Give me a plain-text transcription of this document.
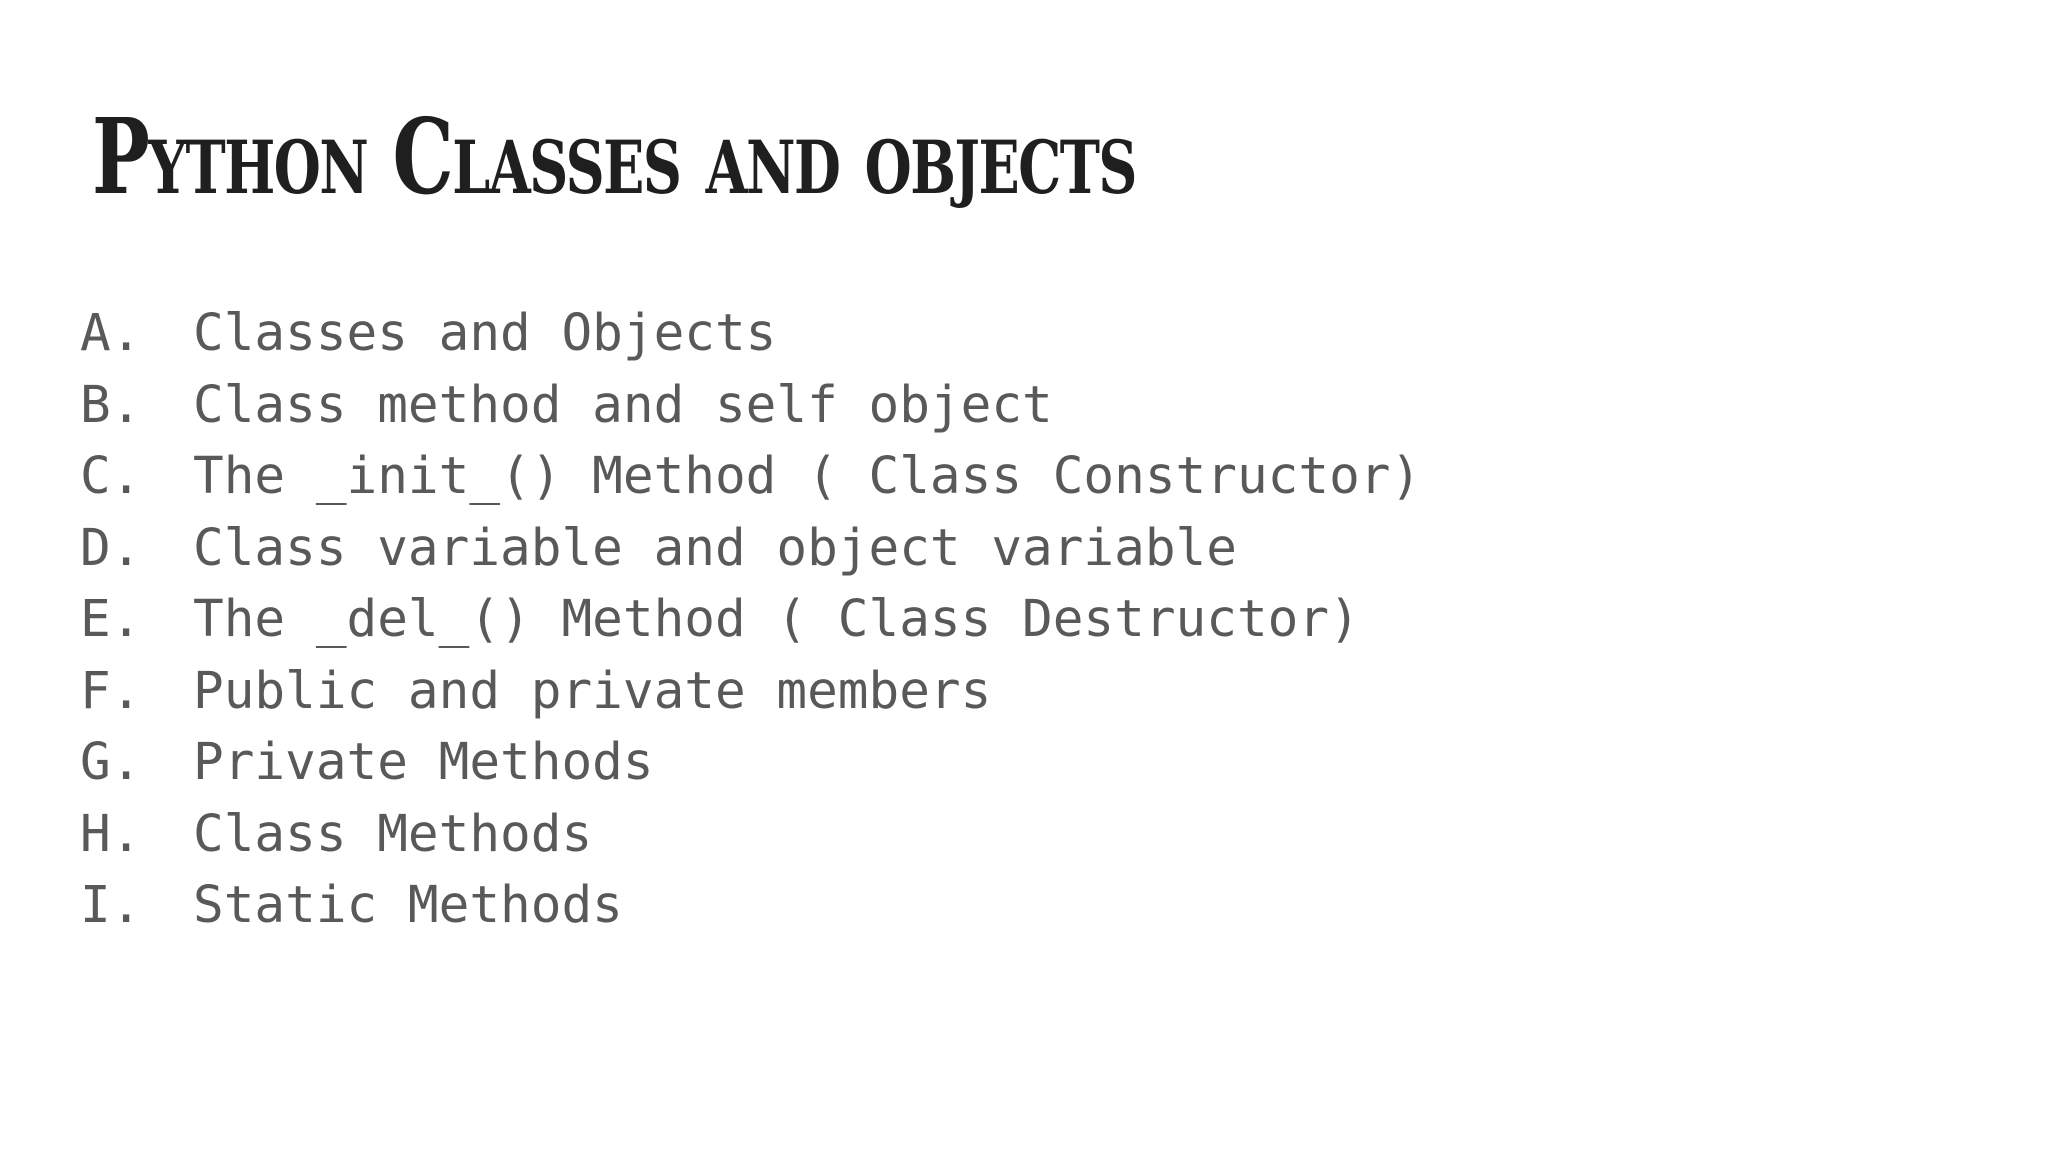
Python Classes and objects
A.	Classes and Objects
B.	Class method and self object
C.	The _init_() Method ( Class Constructor)
D.	Class variable and object variable
E.	The _del_() Method ( Class Destructor)
F.	Public and private members
G.	Private Methods
H.	Class Methods
I.	Static Methods
